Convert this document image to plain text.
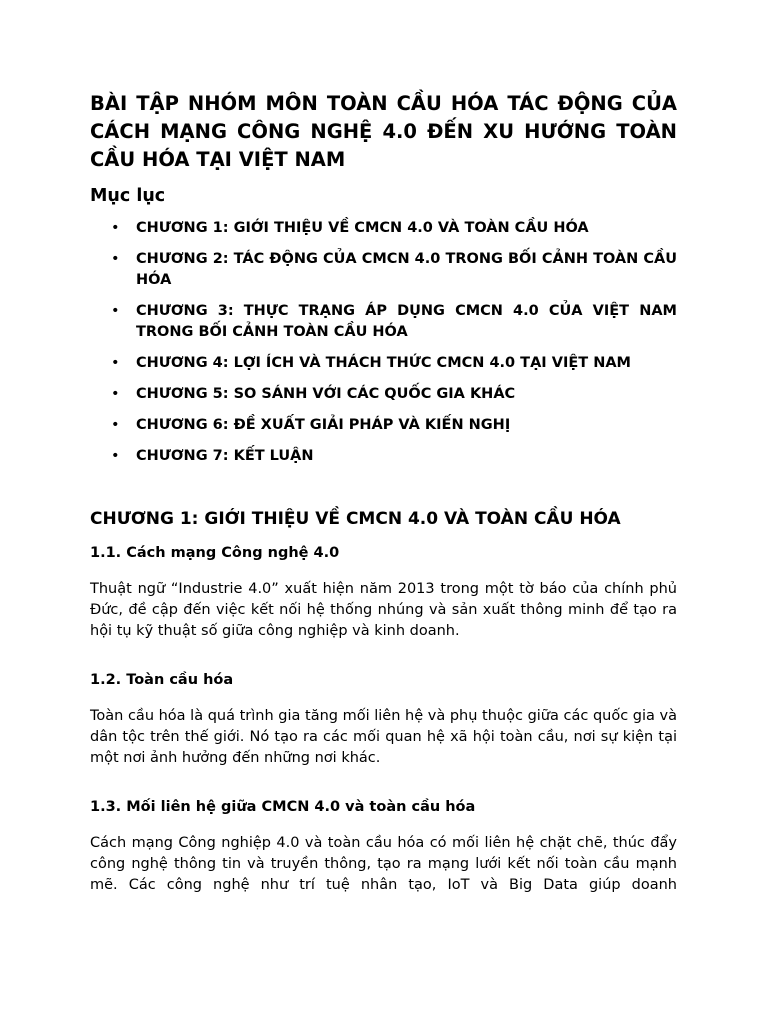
BÀI TẬP NHÓM MÔN TOÀN CẦU HÓA TÁC ĐỘNG CỦA CÁCH MẠNG CÔNG NGHỆ 4.0 ĐẾN XU HƯỚNG TOÀN CẦU HÓA TẠI VIỆT NAM
Mục lục
• CHƯƠNG 1: GIỚI THIỆU VỀ CMCN 4.0 VÀ TOÀN CẦU HÓA
• CHƯƠNG 2: TÁC ĐỘNG CỦA CMCN 4.0 TRONG BỐI CẢNH TOÀN CẦU HÓA
• CHƯƠNG 3: THỰC TRẠNG ÁP DỤNG CMCN 4.0 CỦA VIỆT NAM TRONG BỐI CẢNH TOÀN CẦU HÓA
• CHƯƠNG 4: LỢI ÍCH VÀ THÁCH THỨC CMCN 4.0 TẠI VIỆT NAM
• CHƯƠNG 5: SO SÁNH VỚI CÁC QUỐC GIA KHÁC
• CHƯƠNG 6: ĐỀ XUẤT GIẢI PHÁP VÀ KIẾN NGHỊ
• CHƯƠNG 7: KẾT LUẬN
CHƯƠNG 1: GIỚI THIỆU VỀ CMCN 4.0 VÀ TOÀN CẦU HÓA
1.1. Cách mạng Công nghệ 4.0

Thuật ngữ “Industrie 4.0” xuất hiện năm 2013 trong một tờ báo của chính phủ Đức, đề cập đến việc kết nối hệ thống nhúng và sản xuất thông minh để tạo ra hội tụ kỹ thuật số giữa công nghiệp và kinh doanh.

1.2. Toàn cầu hóa

Toàn cầu hóa là quá trình gia tăng mối liên hệ và phụ thuộc giữa các quốc gia và dân tộc trên thế giới. Nó tạo ra các mối quan hệ xã hội toàn cầu, nơi sự kiện tại một nơi ảnh hưởng đến những nơi khác.

1.3. Mối liên hệ giữa CMCN 4.0 và toàn cầu hóa

Cách mạng Công nghiệp 4.0 và toàn cầu hóa có mối liên hệ chặt chẽ, thúc đẩy công nghệ thông tin và truyền thông, tạo ra mạng lưới kết nối toàn cầu mạnh mẽ. Các công nghệ như trí tuệ nhân tạo, IoT và Big Data giúp doanh
